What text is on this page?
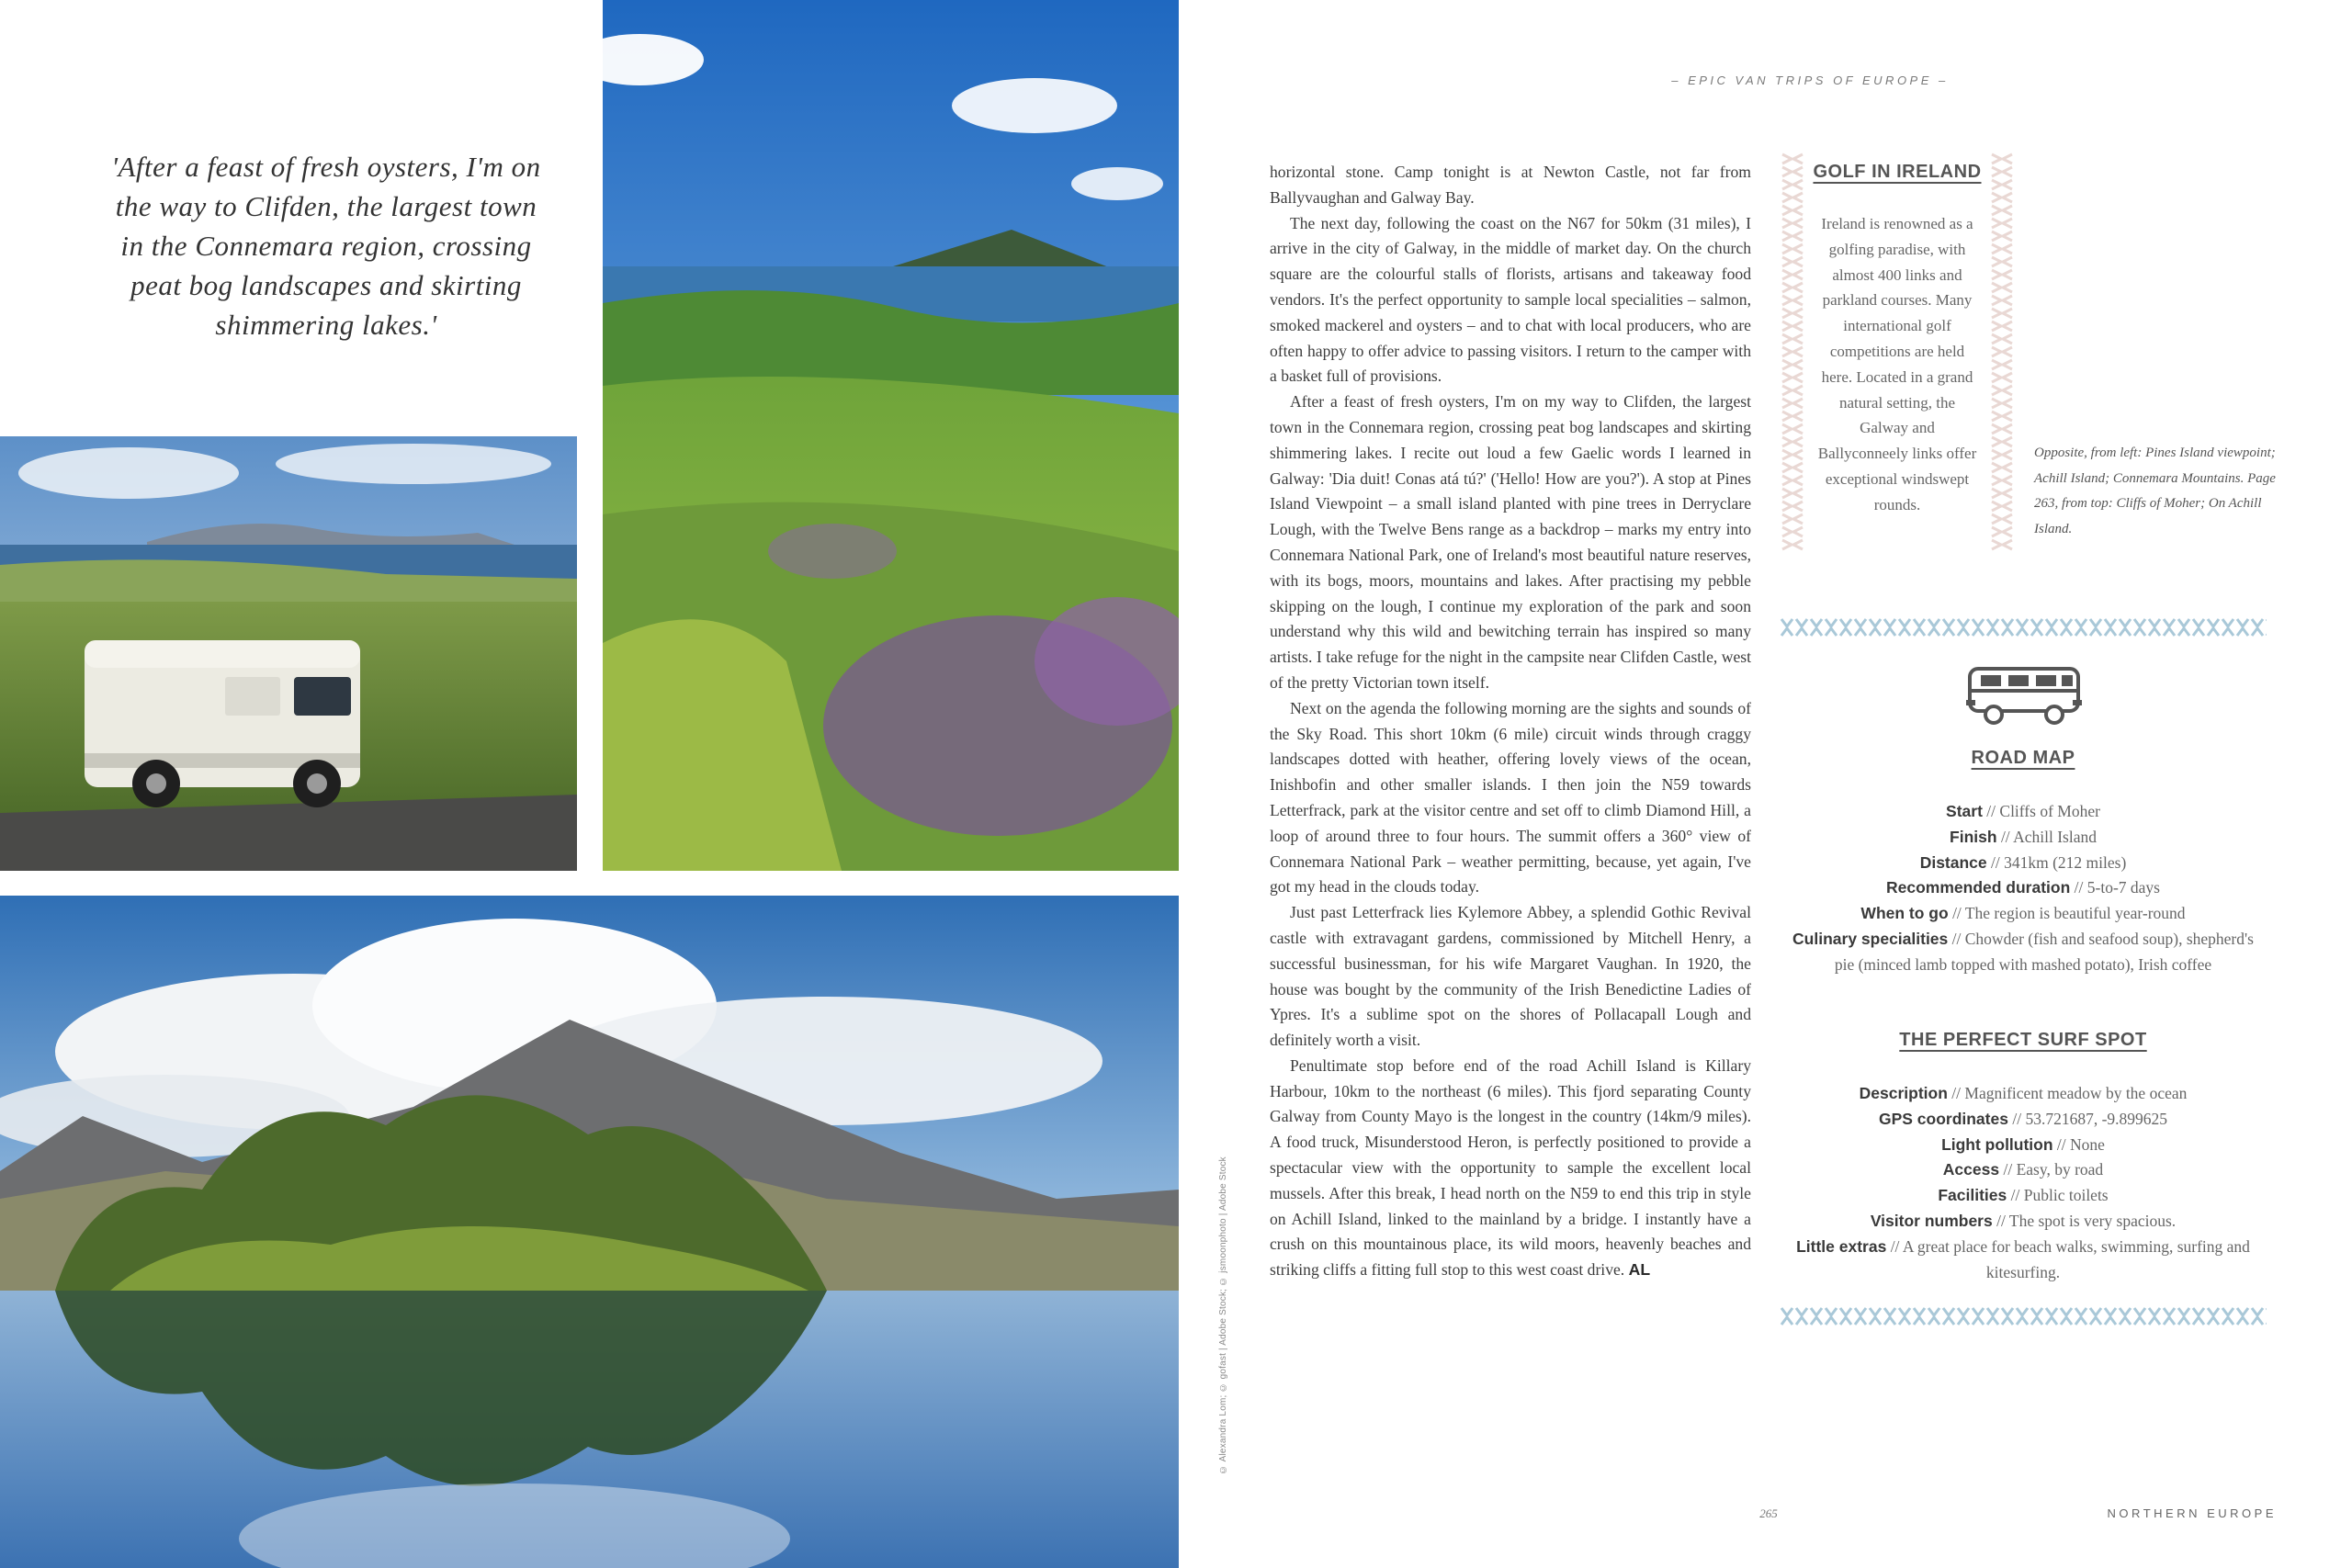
'After a feast of fresh oysters, I'm on the way to Clifden, the largest town in the Connemara region, crossing peat bog landscapes and skirting shimmering lakes.'
© Alexandra Lom; © gofast | Adobe Stock; © jsmoonphoto | Adobe Stock
– EPIC VAN TRIPS OF EUROPE –

horizontal stone. Camp tonight is at Newton Castle, not far from Ballyvaughan and Galway Bay.

The next day, following the coast on the N67 for 50km (31 miles), I arrive in the city of Galway, in the middle of market day. On the church square are the colourful stalls of florists, artisans and takeaway food vendors. It's the perfect opportunity to sample local specialities – salmon, smoked mackerel and oysters – and to chat with local producers, who are often happy to offer advice to passing visitors. I return to the camper with a basket full of provisions.

After a feast of fresh oysters, I'm on my way to Clifden, the largest town in the Connemara region, crossing peat bog landscapes and skirting shimmering lakes. I recite out loud a few Gaelic words I learned in Galway: 'Dia duit! Conas atá tú?' ('Hello! How are you?'). A stop at Pines Island Viewpoint – a small island planted with pine trees in Derryclare Lough, with the Twelve Bens range as a backdrop – marks my entry into Connemara National Park, one of Ireland's most beautiful nature reserves, with its bogs, moors, mountains and lakes. After practising my pebble skipping on the lough, I continue my exploration of the park and soon understand why this wild and bewitching terrain has inspired so many artists. I take refuge for the night in the campsite near Clifden Castle, west of the pretty Victorian town itself.

Next on the agenda the following morning are the sights and sounds of the Sky Road. This short 10km (6 mile) circuit winds through craggy landscapes dotted with heather, offering lovely views of the ocean, Inishbofin and other smaller islands. I then join the N59 towards Letterfrack, park at the visitor centre and set off to climb Diamond Hill, a loop of around three to four hours. The summit offers a 360° view of Connemara National Park – weather permitting, because, yet again, I've got my head in the clouds today.

Just past Letterfrack lies Kylemore Abbey, a splendid Gothic Revival castle with extravagant gardens, commissioned by Mitchell Henry, a successful businessman, for his wife Margaret Vaughan. In 1920, the house was bought by the community of the Irish Benedictine Ladies of Ypres. It's a sublime spot on the shores of Pollacapall Lough and definitely worth a visit.

Penultimate stop before end of the road Achill Island is Killary Harbour, 10km to the northeast (6 miles). This fjord separating County Galway from County Mayo is the longest in the country (14km/9 miles). A food truck, Misunderstood Heron, is perfectly positioned to provide a spectacular view with the opportunity to sample the excellent local mussels. After this break, I head north on the N59 to end this trip in style on Achill Island, linked to the mainland by a bridge. I instantly have a crush on this mountainous place, its wild moors, heavenly beaches and striking cliffs a fitting full stop to this west coast drive. AL

GOLF IN IRELAND
Ireland is renowned as a golfing paradise, with almost 400 links and parkland courses. Many international golf competitions are held here. Located in a grand natural setting, the Galway and Ballyconneely links offer exceptional windswept rounds.
Opposite, from left: Pines Island viewpoint; Achill Island; Connemara Mountains. Page 263, from top: Cliffs of Moher; On Achill Island.
ROAD MAP
Start // Cliffs of Moher
Finish // Achill Island
Distance // 341km (212 miles)
Recommended duration // 5-to-7 days
When to go // The region is beautiful year-round
Culinary specialities // Chowder (fish and seafood soup), shepherd's pie (minced lamb topped with mashed potato), Irish coffee
THE PERFECT SURF SPOT
Description // Magnificent meadow by the ocean
GPS coordinates // 53.721687, -9.899625
Light pollution // None
Access // Easy, by road
Facilities // Public toilets
Visitor numbers // The spot is very spacious.
Little extras // A great place for beach walks, swimming, surfing and kitesurfing.
265	NORTHERN EUROPE
